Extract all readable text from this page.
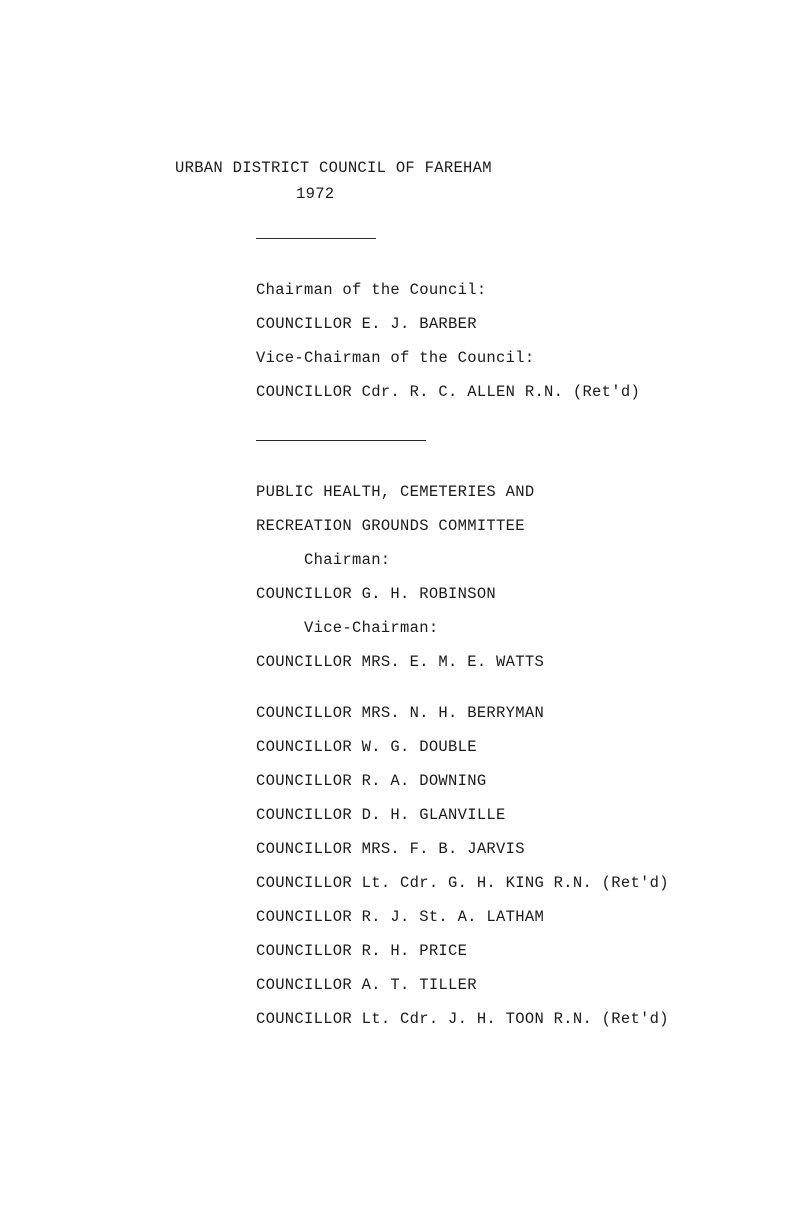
URBAN DISTRICT COUNCIL OF FAREHAM
1972
Chairman of the Council:
COUNCILLOR E. J. BARBER
Vice-Chairman of the Council:
COUNCILLOR Cdr. R. C. ALLEN R.N. (Ret'd)
PUBLIC HEALTH, CEMETERIES AND
RECREATION GROUNDS COMMITTEE
Chairman:
COUNCILLOR G. H. ROBINSON
Vice-Chairman:
COUNCILLOR MRS. E. M. E. WATTS
COUNCILLOR MRS. N. H. BERRYMAN
COUNCILLOR W. G. DOUBLE
COUNCILLOR R. A. DOWNING
COUNCILLOR D. H. GLANVILLE
COUNCILLOR MRS. F. B. JARVIS
COUNCILLOR Lt. Cdr. G. H. KING R.N. (Ret'd)
COUNCILLOR R. J. St. A. LATHAM
COUNCILLOR R. H. PRICE
COUNCILLOR A. T. TILLER
COUNCILLOR Lt. Cdr. J. H. TOON R.N. (Ret'd)
